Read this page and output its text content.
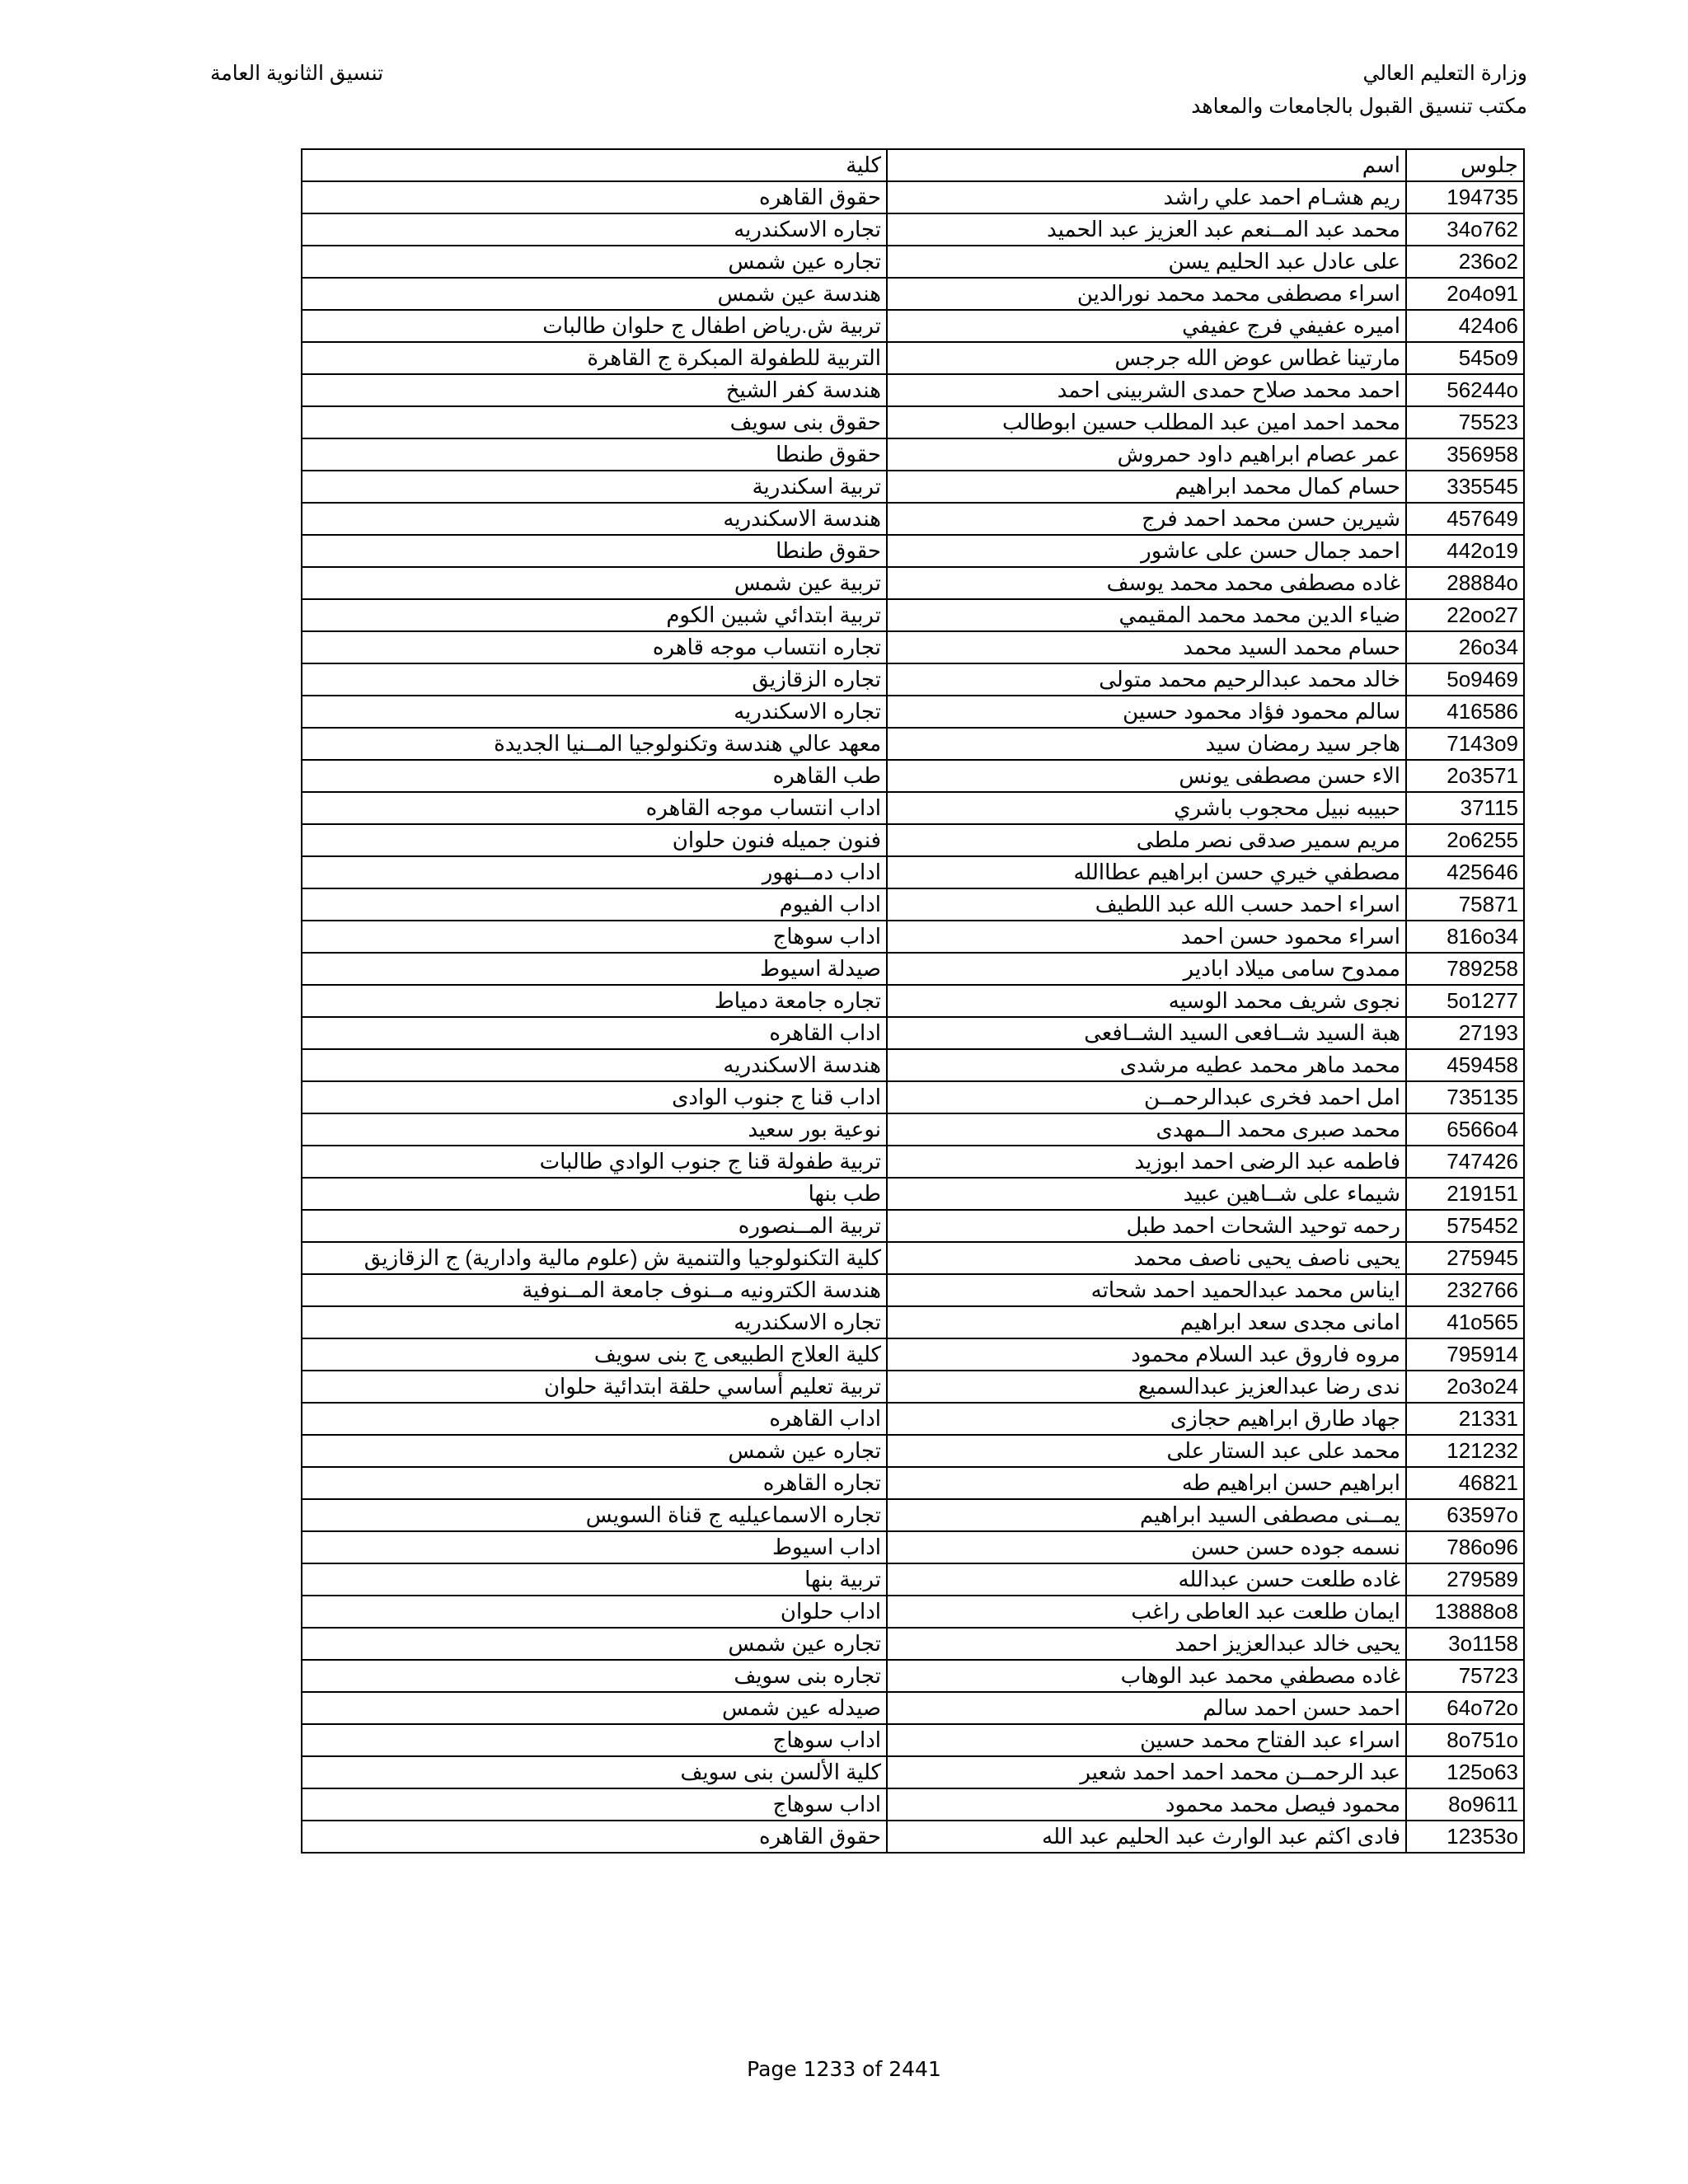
وزارة التعليم العالي
مكتب تنسيق القبول بالجامعات والمعاهد
تنسيق الثانوية العامة
جلوس	اسم	كلية
194735	ريم هشـام احمد علي راشد	حقوق القاهره
34o762	محمد عبد المــنعم عبد العزيز عبد الحميد	تجاره الاسكندريه
236o2	على عادل عبد الحليم يسن	تجاره عين شمس
2o4o91	اسراء مصطفى محمد محمد نورالدين	هندسة عين شمس
424o6	اميره عفيفي فرج عفيفي	تربية ش.رياض اطفال ج حلوان طالبات
545o9	مارتينا غطاس عوض الله جرجس	التربية للطفولة المبكرة ج القاهرة
56244o	احمد محمد صلاح حمدى الشربينى احمد	هندسة كفر الشيخ
75523	محمد احمد امين عبد المطلب حسين ابوطالب	حقوق بنى سويف
356958	عمر عصام ابراهيم داود حمروش	حقوق طنطا
335545	حسام كمال محمد ابراهيم	تربية اسكندرية
457649	شيرين حسن محمد احمد فرج	هندسة الاسكندريه
442o19	احمد جمال حسن على عاشور	حقوق طنطا
28884o	غاده مصطفى محمد محمد يوسف	تربية عين شمس
22oo27	ضياء الدين محمد محمد المقيمي	تربية ابتدائي شبين الكوم
26o34	حسام محمد السيد محمد	تجاره انتساب موجه قاهره
5o9469	خالد محمد عبدالرحيم محمد متولى	تجاره الزقازيق
416586	سالم محمود فؤاد محمود حسين	تجاره الاسكندريه
7143o9	هاجر سيد رمضان سيد	معهد عالي هندسة وتكنولوجيا المــنيا الجديدة
2o3571	الاء حسن مصطفى يونس	طب القاهره
37115	حبيبه نبيل محجوب باشري	اداب انتساب موجه القاهره
2o6255	مريم سمير صدقى نصر ملطى	فنون جميله فنون حلوان
425646	مصطفي خيري حسن ابراهيم عطاالله	اداب دمــنهور
75871	اسراء احمد حسب الله عبد اللطيف	اداب الفيوم
816o34	اسراء محمود حسن احمد	اداب سوهاج
789258	ممدوح سامى ميلاد ابادير	صيدلة اسيوط
5o1277	نجوى شريف محمد الوسيه	تجاره جامعة دمياط
27193	هبة السيد شــافعى السيد الشــافعى	اداب القاهره
459458	محمد ماهر محمد عطيه مرشدى	هندسة الاسكندريه
735135	امل احمد فخرى عبدالرحمــن	اداب قنا ج جنوب الوادى
6566o4	محمد صبرى محمد الــمهدى	نوعية بور سعيد
747426	فاطمه عبد الرضى احمد ابوزيد	تربية طفولة قنا ج جنوب الوادي طالبات
219151	شيماء على شــاهين عبيد	طب بنها
575452	رحمه توحيد الشحات احمد طبل	تربية المــنصوره
275945	يحيى ناصف يحيى ناصف محمد	كلية التكنولوجيا والتنمية ش (علوم مالية وادارية) ج الزقازيق
232766	ايناس محمد عبدالحميد احمد شحاته	هندسة الكترونيه مــنوف جامعة المــنوفية
41o565	امانى مجدى سعد ابراهيم	تجاره الاسكندريه
795914	مروه فاروق عبد السلام محمود	كلية العلاج الطبيعى ج بنى سويف
2o3o24	ندى رضا عبدالعزيز عبدالسميع	تربية تعليم أساسي حلقة ابتدائية حلوان
21331	جهاد طارق ابراهيم حجازى	اداب القاهره
121232	محمد على عبد الستار على	تجاره عين شمس
46821	ابراهيم حسن ابراهيم طه	تجاره القاهره
63597o	يمــنى مصطفى السيد ابراهيم	تجاره الاسماعيليه ج قناة السويس
786o96	نسمه جوده حسن حسن	اداب اسيوط
279589	غاده طلعت حسن عبدالله	تربية بنها
13888o8	ايمان طلعت عبد العاطى راغب	اداب حلوان
3o1158	يحيى خالد عبدالعزيز احمد	تجاره عين شمس
75723	غاده مصطفي محمد عبد الوهاب	تجاره بنى سويف
64o72o	احمد حسن احمد سالم	صيدله عين شمس
8o751o	اسراء عبد الفتاح محمد حسين	اداب سوهاج
125o63	عبد الرحمــن محمد احمد احمد شعير	كلية الألسن بنى سويف
8o9611	محمود فيصل محمد محمود	اداب سوهاج
12353o	فادى اكثم عبد الوارث عبد الحليم عبد الله	حقوق القاهره
Page 1233 of 2441
